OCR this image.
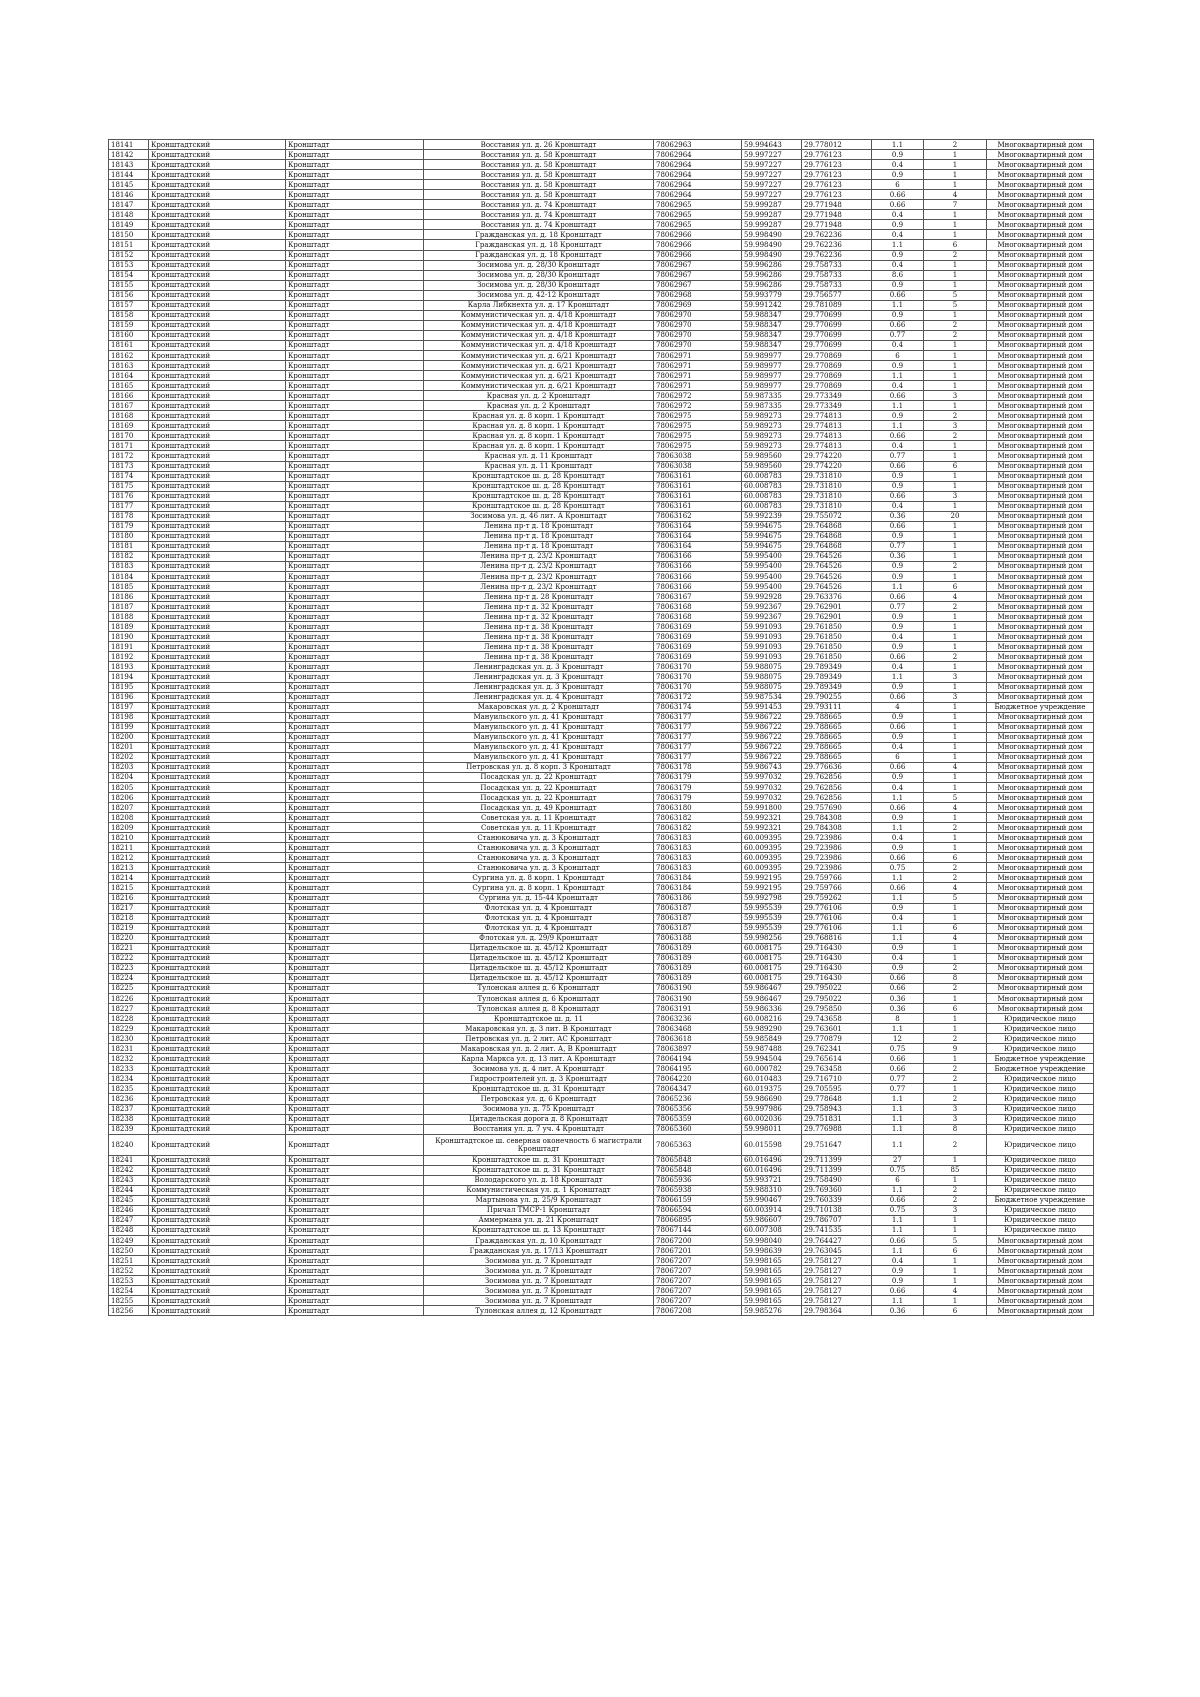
18141	Кронштадтский	Кронштадт	Восстания ул. д. 26 Кронштадт	78062963	59.994643	29.778012	1.1	2	Многоквартирный дом
18142	Кронштадтский	Кронштадт	Восстания ул. д. 58 Кронштадт	78062964	59.997227	29.776123	0.9	1	Многоквартирный дом
18143	Кронштадтский	Кронштадт	Восстания ул. д. 58 Кронштадт	78062964	59.997227	29.776123	0.4	1	Многоквартирный дом
18144	Кронштадтский	Кронштадт	Восстания ул. д. 58 Кронштадт	78062964	59.997227	29.776123	0.9	1	Многоквартирный дом
18145	Кронштадтский	Кронштадт	Восстания ул. д. 58 Кронштадт	78062964	59.997227	29.776123	6	1	Многоквартирный дом
18146	Кронштадтский	Кронштадт	Восстания ул. д. 58 Кронштадт	78062964	59.997227	29.776123	0.66	4	Многоквартирный дом
18147	Кронштадтский	Кронштадт	Восстания ул. д. 74 Кронштадт	78062965	59.999287	29.771948	0.66	7	Многоквартирный дом
18148	Кронштадтский	Кронштадт	Восстания ул. д. 74 Кронштадт	78062965	59.999287	29.771948	0.4	1	Многоквартирный дом
18149	Кронштадтский	Кронштадт	Восстания ул. д. 74 Кронштадт	78062965	59.999287	29.771948	0.9	1	Многоквартирный дом
18150	Кронштадтский	Кронштадт	Гражданская ул. д. 18 Кронштадт	78062966	59.998490	29.762236	0.4	1	Многоквартирный дом
18151	Кронштадтский	Кронштадт	Гражданская ул. д. 18 Кронштадт	78062966	59.998490	29.762236	1.1	6	Многоквартирный дом
18152	Кронштадтский	Кронштадт	Гражданская ул. д. 18 Кронштадт	78062966	59.998490	29.762236	0.9	2	Многоквартирный дом
18153	Кронштадтский	Кронштадт	Зосимова ул. д. 28/30 Кронштадт	78062967	59.996286	29.758733	0.4	1	Многоквартирный дом
18154	Кронштадтский	Кронштадт	Зосимова ул. д. 28/30 Кронштадт	78062967	59.996286	29.758733	8.6	1	Многоквартирный дом
18155	Кронштадтский	Кронштадт	Зосимова ул. д. 28/30 Кронштадт	78062967	59.996286	29.758733	0.9	1	Многоквартирный дом
18156	Кронштадтский	Кронштадт	Зосимова ул. д. 42-12 Кронштадт	78062968	59.993779	29.756577	0.66	5	Многоквартирный дом
18157	Кронштадтский	Кронштадт	Карла Либкнехта ул. д. 17 Кронштадт	78062969	59.991242	29.781089	1.1	5	Многоквартирный дом
18158	Кронштадтский	Кронштадт	Коммунистическая ул. д. 4/18 Кронштадт	78062970	59.988347	29.770699	0.9	1	Многоквартирный дом
18159	Кронштадтский	Кронштадт	Коммунистическая ул. д. 4/18 Кронштадт	78062970	59.988347	29.770699	0.66	2	Многоквартирный дом
18160	Кронштадтский	Кронштадт	Коммунистическая ул. д. 4/18 Кронштадт	78062970	59.988347	29.770699	0.77	2	Многоквартирный дом
18161	Кронштадтский	Кронштадт	Коммунистическая ул. д. 4/18 Кронштадт	78062970	59.988347	29.770699	0.4	1	Многоквартирный дом
18162	Кронштадтский	Кронштадт	Коммунистическая ул. д. 6/21 Кронштадт	78062971	59.989977	29.770869	6	1	Многоквартирный дом
18163	Кронштадтский	Кронштадт	Коммунистическая ул. д. 6/21 Кронштадт	78062971	59.989977	29.770869	0.9	1	Многоквартирный дом
18164	Кронштадтский	Кронштадт	Коммунистическая ул. д. 6/21 Кронштадт	78062971	59.989977	29.770869	1.1	1	Многоквартирный дом
18165	Кронштадтский	Кронштадт	Коммунистическая ул. д. 6/21 Кронштадт	78062971	59.989977	29.770869	0.4	1	Многоквартирный дом
18166	Кронштадтский	Кронштадт	Красная ул. д. 2 Кронштадт	78062972	59.987335	29.773349	0.66	3	Многоквартирный дом
18167	Кронштадтский	Кронштадт	Красная ул. д. 2 Кронштадт	78062972	59.987335	29.773349	1.1	1	Многоквартирный дом
18168	Кронштадтский	Кронштадт	Красная ул. д. 8 корп. 1 Кронштадт	78062975	59.989273	29.774813	0.9	2	Многоквартирный дом
18169	Кронштадтский	Кронштадт	Красная ул. д. 8 корп. 1 Кронштадт	78062975	59.989273	29.774813	1.1	3	Многоквартирный дом
18170	Кронштадтский	Кронштадт	Красная ул. д. 8 корп. 1 Кронштадт	78062975	59.989273	29.774813	0.66	2	Многоквартирный дом
18171	Кронштадтский	Кронштадт	Красная ул. д. 8 корп. 1 Кронштадт	78062975	59.989273	29.774813	0.4	1	Многоквартирный дом
18172	Кронштадтский	Кронштадт	Красная ул. д. 11 Кронштадт	78063038	59.989560	29.774220	0.77	1	Многоквартирный дом
18173	Кронштадтский	Кронштадт	Красная ул. д. 11 Кронштадт	78063038	59.989560	29.774220	0.66	6	Многоквартирный дом
18174	Кронштадтский	Кронштадт	Кронштадтское ш. д. 28 Кронштадт	78063161	60.008783	29.731810	0.9	1	Многоквартирный дом
18175	Кронштадтский	Кронштадт	Кронштадтское ш. д. 28 Кронштадт	78063161	60.008783	29.731810	0.9	1	Многоквартирный дом
18176	Кронштадтский	Кронштадт	Кронштадтское ш. д. 28 Кронштадт	78063161	60.008783	29.731810	0.66	3	Многоквартирный дом
18177	Кронштадтский	Кронштадт	Кронштадтское ш. д. 28 Кронштадт	78063161	60.008783	29.731810	0.4	1	Многоквартирный дом
18178	Кронштадтский	Кронштадт	Зосимова ул. д. 46 лит. А Кронштадт	78063162	59.992239	29.755072	0.36	20	Многоквартирный дом
18179	Кронштадтский	Кронштадт	Ленина пр-т д. 18 Кронштадт	78063164	59.994675	29.764868	0.66	1	Многоквартирный дом
18180	Кронштадтский	Кронштадт	Ленина пр-т д. 18 Кронштадт	78063164	59.994675	29.764868	0.9	1	Многоквартирный дом
18181	Кронштадтский	Кронштадт	Ленина пр-т д. 18 Кронштадт	78063164	59.994675	29.764868	0.77	1	Многоквартирный дом
18182	Кронштадтский	Кронштадт	Ленина пр-т д. 23/2 Кронштадт	78063166	59.995400	29.764526	0.36	1	Многоквартирный дом
18183	Кронштадтский	Кронштадт	Ленина пр-т д. 23/2 Кронштадт	78063166	59.995400	29.764526	0.9	2	Многоквартирный дом
18184	Кронштадтский	Кронштадт	Ленина пр-т д. 23/2 Кронштадт	78063166	59.995400	29.764526	0.9	1	Многоквартирный дом
18185	Кронштадтский	Кронштадт	Ленина пр-т д. 23/2 Кронштадт	78063166	59.995400	29.764526	1.1	6	Многоквартирный дом
18186	Кронштадтский	Кронштадт	Ленина пр-т д. 28 Кронштадт	78063167	59.992928	29.763376	0.66	4	Многоквартирный дом
18187	Кронштадтский	Кронштадт	Ленина пр-т д. 32 Кронштадт	78063168	59.992367	29.762901	0.77	2	Многоквартирный дом
18188	Кронштадтский	Кронштадт	Ленина пр-т д. 32 Кронштадт	78063168	59.992367	29.762901	0.9	1	Многоквартирный дом
18189	Кронштадтский	Кронштадт	Ленина пр-т д. 38 Кронштадт	78063169	59.991093	29.761850	0.9	1	Многоквартирный дом
18190	Кронштадтский	Кронштадт	Ленина пр-т д. 38 Кронштадт	78063169	59.991093	29.761850	0.4	1	Многоквартирный дом
18191	Кронштадтский	Кронштадт	Ленина пр-т д. 38 Кронштадт	78063169	59.991093	29.761850	0.9	1	Многоквартирный дом
18192	Кронштадтский	Кронштадт	Ленина пр-т д. 38 Кронштадт	78063169	59.991093	29.761850	0.66	2	Многоквартирный дом
18193	Кронштадтский	Кронштадт	Ленинградская ул. д. 3 Кронштадт	78063170	59.988075	29.789349	0.4	1	Многоквартирный дом
18194	Кронштадтский	Кронштадт	Ленинградская ул. д. 3 Кронштадт	78063170	59.988075	29.789349	1.1	3	Многоквартирный дом
18195	Кронштадтский	Кронштадт	Ленинградская ул. д. 3 Кронштадт	78063170	59.988075	29.789349	0.9	1	Многоквартирный дом
18196	Кронштадтский	Кронштадт	Ленинградская ул. д. 4 Кронштадт	78063172	59.987534	29.790255	0.66	3	Многоквартирный дом
18197	Кронштадтский	Кронштадт	Макаровская ул. д. 2 Кронштадт	78063174	59.991453	29.793111	4	1	Бюджетное учреждение
18198	Кронштадтский	Кронштадт	Мануильского ул. д. 41 Кронштадт	78063177	59.986722	29.788665	0.9	1	Многоквартирный дом
18199	Кронштадтский	Кронштадт	Мануильского ул. д. 41 Кронштадт	78063177	59.986722	29.788665	0.66	1	Многоквартирный дом
18200	Кронштадтский	Кронштадт	Мануильского ул. д. 41 Кронштадт	78063177	59.986722	29.788665	0.9	1	Многоквартирный дом
18201	Кронштадтский	Кронштадт	Мануильского ул. д. 41 Кронштадт	78063177	59.986722	29.788665	0.4	1	Многоквартирный дом
18202	Кронштадтский	Кронштадт	Мануильского ул. д. 41 Кронштадт	78063177	59.986722	29.788665	6	1	Многоквартирный дом
18203	Кронштадтский	Кронштадт	Петровская ул. д. 8 корп. 3 Кронштадт	78063178	59.986743	29.776636	0.66	4	Многоквартирный дом
18204	Кронштадтский	Кронштадт	Посадская ул. д. 22 Кронштадт	78063179	59.997032	29.762856	0.9	1	Многоквартирный дом
18205	Кронштадтский	Кронштадт	Посадская ул. д. 22 Кронштадт	78063179	59.997032	29.762856	0.4	1	Многоквартирный дом
18206	Кронштадтский	Кронштадт	Посадская ул. д. 22 Кронштадт	78063179	59.997032	29.762856	1.1	5	Многоквартирный дом
18207	Кронштадтский	Кронштадт	Посадская ул. д. 49 Кронштадт	78063180	59.991800	29.757690	0.66	4	Многоквартирный дом
18208	Кронштадтский	Кронштадт	Советская ул. д. 11 Кронштадт	78063182	59.992321	29.784308	0.9	1	Многоквартирный дом
18209	Кронштадтский	Кронштадт	Советская ул. д. 11 Кронштадт	78063182	59.992321	29.784308	1.1	2	Многоквартирный дом
18210	Кронштадтский	Кронштадт	Станюковича ул. д. 3 Кронштадт	78063183	60.009395	29.723986	0.4	1	Многоквартирный дом
18211	Кронштадтский	Кронштадт	Станюковича ул. д. 3 Кронштадт	78063183	60.009395	29.723986	0.9	1	Многоквартирный дом
18212	Кронштадтский	Кронштадт	Станюковича ул. д. 3 Кронштадт	78063183	60.009395	29.723986	0.66	6	Многоквартирный дом
18213	Кронштадтский	Кронштадт	Станюковича ул. д. 3 Кронштадт	78063183	60.009395	29.723986	0.75	2	Многоквартирный дом
18214	Кронштадтский	Кронштадт	Сургина ул. д. 8 корп. 1 Кронштадт	78063184	59.992195	29.759766	1.1	2	Многоквартирный дом
18215	Кронштадтский	Кронштадт	Сургина ул. д. 8 корп. 1 Кронштадт	78063184	59.992195	29.759766	0.66	4	Многоквартирный дом
18216	Кронштадтский	Кронштадт	Сургина ул. д. 15-44 Кронштадт	78063186	59.992798	29.759262	1.1	5	Многоквартирный дом
18217	Кронштадтский	Кронштадт	Флотская ул. д. 4 Кронштадт	78063187	59.995539	29.776106	0.9	1	Многоквартирный дом
18218	Кронштадтский	Кронштадт	Флотская ул. д. 4 Кронштадт	78063187	59.995539	29.776106	0.4	1	Многоквартирный дом
18219	Кронштадтский	Кронштадт	Флотская ул. д. 4 Кронштадт	78063187	59.995539	29.776106	1.1	6	Многоквартирный дом
18220	Кронштадтский	Кронштадт	Флотская ул. д. 29/9 Кронштадт	78063188	59.998256	29.768816	1.1	4	Многоквартирный дом
18221	Кронштадтский	Кронштадт	Цитадельское ш. д. 45/12 Кронштадт	78063189	60.008175	29.716430	0.9	1	Многоквартирный дом
18222	Кронштадтский	Кронштадт	Цитадельское ш. д. 45/12 Кронштадт	78063189	60.008175	29.716430	0.4	1	Многоквартирный дом
18223	Кронштадтский	Кронштадт	Цитадельское ш. д. 45/12 Кронштадт	78063189	60.008175	29.716430	0.9	2	Многоквартирный дом
18224	Кронштадтский	Кронштадт	Цитадельское ш. д. 45/12 Кронштадт	78063189	60.008175	29.716430	0.66	8	Многоквартирный дом
18225	Кронштадтский	Кронштадт	Тулонская аллея д. 6 Кронштадт	78063190	59.986467	29.795022	0.66	2	Многоквартирный дом
18226	Кронштадтский	Кронштадт	Тулонская аллея д. 6 Кронштадт	78063190	59.986467	29.795022	0.36	1	Многоквартирный дом
18227	Кронштадтский	Кронштадт	Тулонская аллея д. 8 Кронштадт	78063191	59.986336	29.795850	0.36	6	Многоквартирный дом
18228	Кронштадтский	Кронштадт	Кронштадтское ш. д. 11	78063236	60.008216	29.743658	8	1	Юридическое лицо
18229	Кронштадтский	Кронштадт	Макаровская ул. д. 3 лит. В Кронштадт	78063468	59.989290	29.763601	1.1	1	Юридическое лицо
18230	Кронштадтский	Кронштадт	Петровская ул. д. 2 лит. АС Кронштадт	78063618	59.985849	29.770879	12	2	Юридическое лицо
18231	Кронштадтский	Кронштадт	Макаровская ул. д. 2 лит. А, В Кронштадт	78063897	59.987488	29.762341	0.75	9	Юридическое лицо
18232	Кронштадтский	Кронштадт	Карла Маркса ул. д. 13 лит. А Кронштадт	78064194	59.994504	29.765614	0.66	1	Бюджетное учреждение
18233	Кронштадтский	Кронштадт	Зосимова ул. д. 4 лит. А Кронштадт	78064195	60.000782	29.763458	0.66	2	Бюджетное учреждение
18234	Кронштадтский	Кронштадт	Гидростроителей ул. д. 3 Кронштадт	78064220	60.010483	29.716710	0.77	2	Юридическое лицо
18235	Кронштадтский	Кронштадт	Кронштадтское ш. д. 31 Кронштадт	78064347	60.019375	29.705595	0.77	1	Юридическое лицо
18236	Кронштадтский	Кронштадт	Петровская ул. д. 6 Кронштадт	78065236	59.986690	29.778648	1.1	2	Юридическое лицо
18237	Кронштадтский	Кронштадт	Зосимова ул. д. 75 Кронштадт	78065356	59.997986	29.758943	1.1	3	Юридическое лицо
18238	Кронштадтский	Кронштадт	Цитадельская дорога д. 8 Кронштадт	78065359	60.002036	29.751831	1.1	3	Юридическое лицо
18239	Кронштадтский	Кронштадт	Восстания ул. д. 7 уч. 4 Кронштадт	78065360	59.998011	29.776988	1.1	8	Юридическое лицо
18240	Кронштадтский	Кронштадт	Кронштадтское ш. северная оконечность 6 магистрали Кронштадт	78065363	60.015598	29.751647	1.1	2	Юридическое лицо
18241	Кронштадтский	Кронштадт	Кронштадтское ш. д. 31 Кронштадт	78065848	60.016496	29.711399	27	1	Юридическое лицо
18242	Кронштадтский	Кронштадт	Кронштадтское ш. д. 31 Кронштадт	78065848	60.016496	29.711399	0.75	85	Юридическое лицо
18243	Кронштадтский	Кронштадт	Володарского ул. д. 18 Кронштадт	78065936	59.993721	29.758490	6	1	Юридическое лицо
18244	Кронштадтский	Кронштадт	Коммунистическая ул. д. 1 Кронштадт	78065938	59.988310	29.769360	1.1	2	Юридическое лицо
18245	Кронштадтский	Кронштадт	Мартынова ул. д. 25/9 Кронштадт	78066159	59.990467	29.760339	0.66	2	Бюджетное учреждение
18246	Кронштадтский	Кронштадт	Причал ТМСР-1 Кронштадт	78066594	60.003914	29.710138	0.75	3	Юридическое лицо
18247	Кронштадтский	Кронштадт	Аммермана ул. д. 21 Кронштадт	78066895	59.986607	29.786707	1.1	1	Юридическое лицо
18248	Кронштадтский	Кронштадт	Кронштадтское ш. д. 13 Кронштадт	78067144	60.007308	29.741535	1.1	1	Юридическое лицо
18249	Кронштадтский	Кронштадт	Гражданская ул. д. 10 Кронштадт	78067200	59.998040	29.764427	0.66	5	Многоквартирный дом
18250	Кронштадтский	Кронштадт	Гражданская ул. д. 17/13 Кронштадт	78067201	59.998639	29.763045	1.1	6	Многоквартирный дом
18251	Кронштадтский	Кронштадт	Зосимова ул. д. 7 Кронштадт	78067207	59.998165	29.758127	0.4	1	Многоквартирный дом
18252	Кронштадтский	Кронштадт	Зосимова ул. д. 7 Кронштадт	78067207	59.998165	29.758127	0.9	1	Многоквартирный дом
18253	Кронштадтский	Кронштадт	Зосимова ул. д. 7 Кронштадт	78067207	59.998165	29.758127	0.9	1	Многоквартирный дом
18254	Кронштадтский	Кронштадт	Зосимова ул. д. 7 Кронштадт	78067207	59.998165	29.758127	0.66	4	Многоквартирный дом
18255	Кронштадтский	Кронштадт	Зосимова ул. д. 7 Кронштадт	78067207	59.998165	29.758127	1.1	1	Многоквартирный дом
18256	Кронштадтский	Кронштадт	Тулонская аллея д. 12 Кронштадт	78067208	59.985276	29.798364	0.36	6	Многоквартирный дом
